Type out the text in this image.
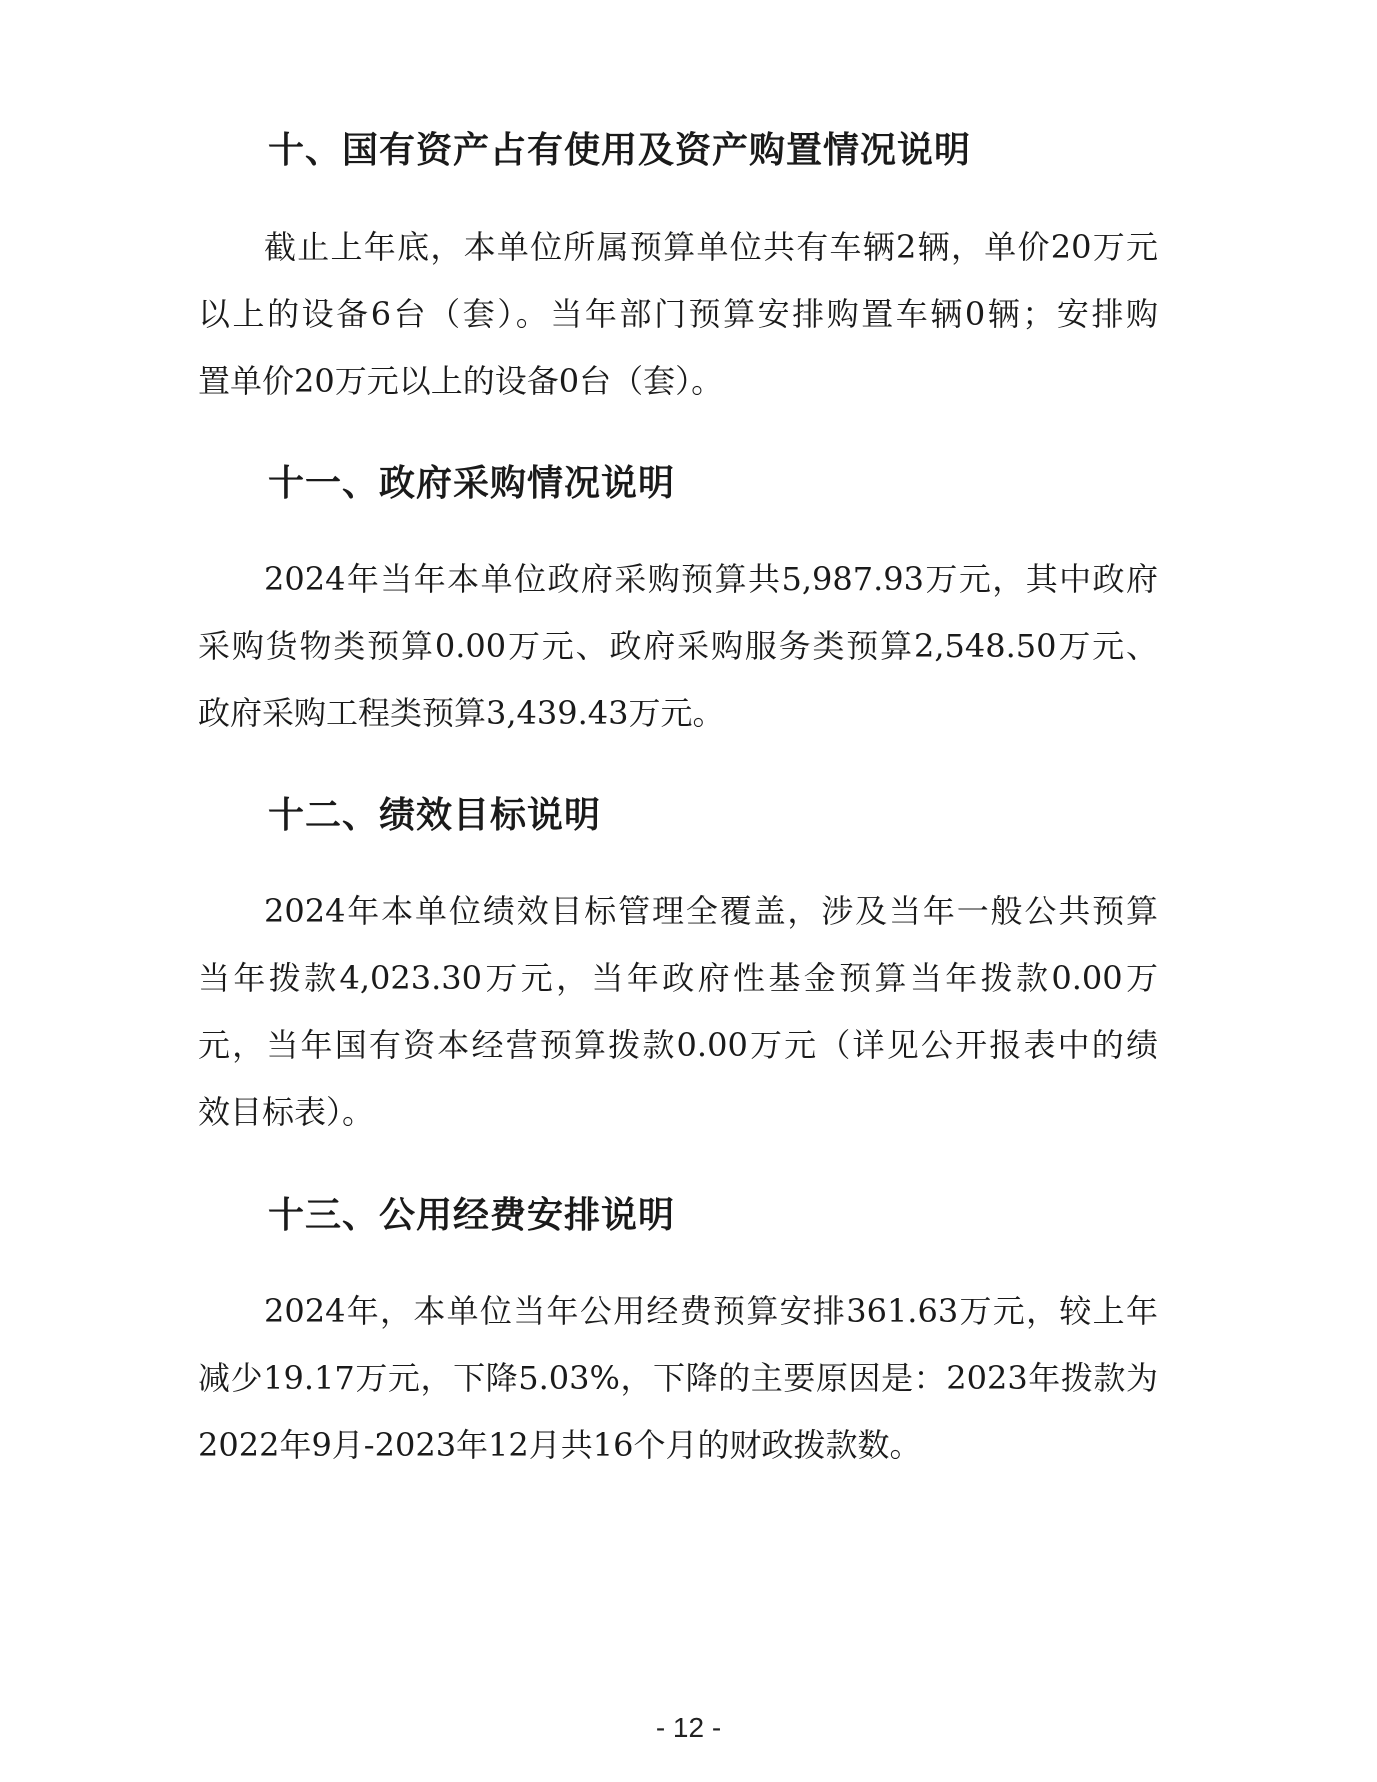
十、国有资产占有使用及资产购置情况说明
截止上年底，本单位所属预算单位共有车辆2辆，单价20万元
以上的设备6台（套）。当年部门预算安排购置车辆0辆；安排购
置单价20万元以上的设备0台（套）。
十一、政府采购情况说明
2024年当年本单位政府采购预算共5,987.93万元，其中政府
采购货物类预算0.00万元、政府采购服务类预算2,548.50万元、
政府采购工程类预算3,439.43万元。
十二、绩效目标说明
2024年本单位绩效目标管理全覆盖，涉及当年一般公共预算
当年拨款4,023.30万元，当年政府性基金预算当年拨款0.00万
元，当年国有资本经营预算拨款0.00万元（详见公开报表中的绩
效目标表）。
十三、公用经费安排说明
2024年，本单位当年公用经费预算安排361.63万元，较上年
减少19.17万元，下降5.03%，下降的主要原因是：2023年拨款为
2022年9月-2023年12月共16个月的财政拨款数。
- 12 -
